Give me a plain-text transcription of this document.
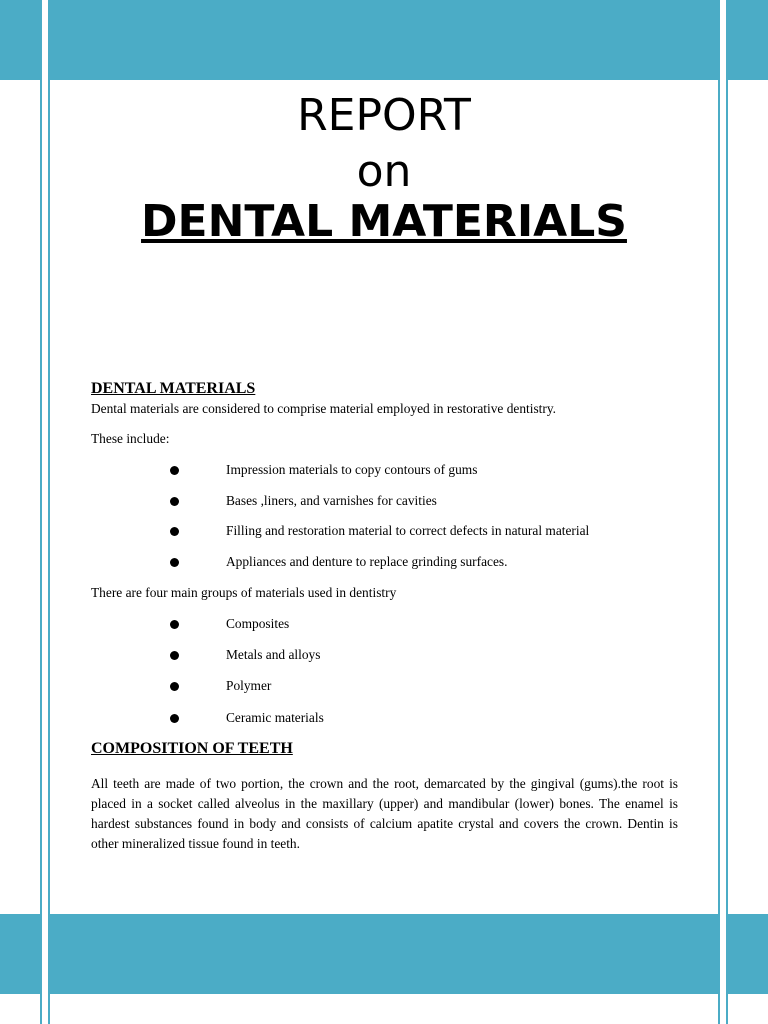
REPORT
on
DENTAL MATERIALS
DENTAL MATERIALS

Dental materials are considered to comprise material employed in restorative dentistry.

These include:

Impression materials to copy contours of gums
Bases ,liners, and varnishes for cavities
Filling and restoration material to correct defects in natural material
Appliances and denture to replace grinding surfaces.

There are four main groups of materials used in dentistry

Composites
Metals and alloys
Polymer
Ceramic materials
COMPOSITION OF TEETH

All teeth are made of two portion, the crown and the root, demarcated by the gingival (gums).the root is placed in a socket called alveolus in the maxillary (upper) and mandibular (lower) bones. The enamel is hardest substances found in body and consists of calcium apatite crystal and covers the crown. Dentin is other mineralized tissue found in teeth.
